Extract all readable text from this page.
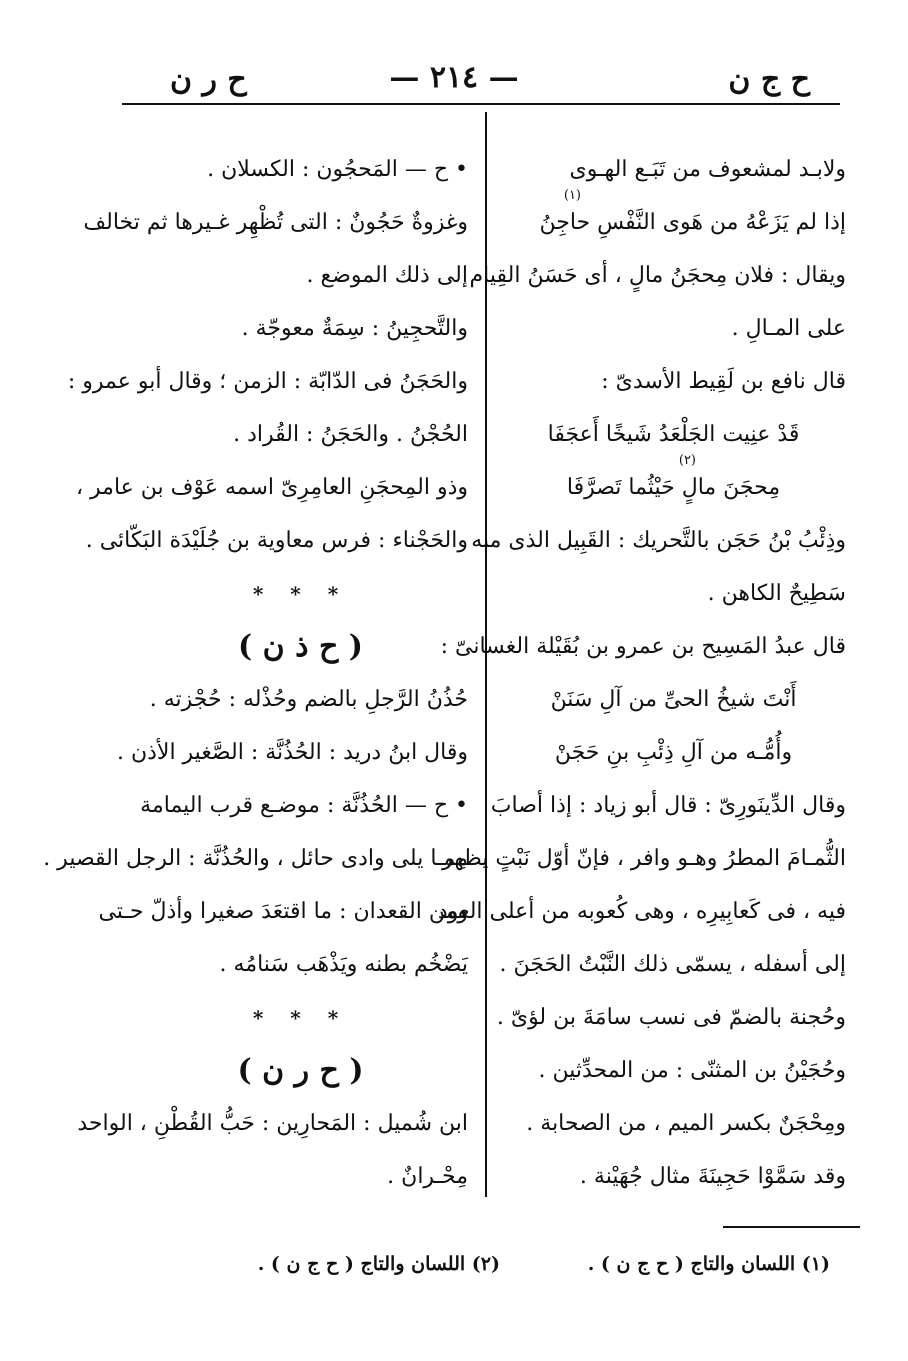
ح ج ن
— ٢١٤ —
ح ر ن
ولابـد لمشعوف من تَبَـع الهـوى
إذا لم يَزَعْهُ من هَوى النَّفْسِ حاجِنُ
(١)
ويقال : فلان مِحجَنُ مالٍ ، أى حَسَنُ القِيام
على المـالِ .
قال نافع بن لَقِيط الأسدىّ :
قَدْ عنِيت الجَلْعَدُ شَيخًا أَعجَفَا
مِحجَنَ مالٍ حَيْثُما تَصرَّفَا
(٢)
وذِئْبُ بْنُ حَجَن بالتَّحريك : القَبِيل الذى منه
سَطِيحٌ الكاهن .
قال عبدُ المَسِيح بن عمرو بن بُقَيْلة الغسانىّ :
أَنْتَ شيخُ الحىِّ من آلِ سَنَنْ
وأُمُّـه من آلِ ذِئْبِ بنِ حَجَنْ
وقال الدِّينَورِىّ : قال أبو زياد : إذا أصابَ
الثُّمـامَ المطرُ وهـو وافر ، فإنّ أوّل نَبْتٍ يظهر
فيه ، فى كَعابِيرِه ، وهى كُعوبه من أعلى العود
إلى أسفله ، يسمّى ذلك النَّبْتُ الحَجَنَ .
وحُجنة بالضمّ فى نسب سامَةَ بن لؤىّ .
وحُجَيْنُ بن المثنّى : من المحدِّثين .
ومِحْجَنٌ بكسر الميم ، من الصحابة .
وقد سَمَّوْا حَجِينَةَ مثال جُهَيْنة .
• ح — المَحجُون : الكسلان .
وغزوةٌ حَجُونٌ : التى تُظْهِر غـيرها ثم تخالف
إلى ذلك الموضع .
والتَّحجِينُ : سِمَةٌ معوجّة .
والحَجَنُ فى الدّابّة : الزمن ؛ وقال أبو عمرو :
الحُجْنُ . والحَجَنُ : القُراد .
وذو المِحجَنِ العامِرِىّ اسمه عَوْف بن عامر ،
والحَجْناء : فرس معاوية بن جُلَيْدَة البَكّائى .
* * *
( ح ذ ن )
حُذُنُ الرَّجلِ بالضم وحُذْله : حُجْزته .
وقال ابنُ دريد : الحُذُنَّة : الصَّغير الأذن .
• ح — الحُذُنَّة : موضـع قرب اليمامة
مِمـا يلى وادى حائل ، والحُذُنَّة : الرجل القصير .
ومن القعدان : ما اقتعَدَ صغيرا وأذلّ حـتى
يَضْخُم بطنه ويَذْهَب سَنامُه .
* * *
( ح ر ن )
ابن شُميل : المَحارِين : حَبُّ القُطْنِ ، الواحد
مِحْـرانٌ .
(١) اللسان والتاج ( ح ج ن ) .
(٢) اللسان والتاج ( ح ج ن ) .
